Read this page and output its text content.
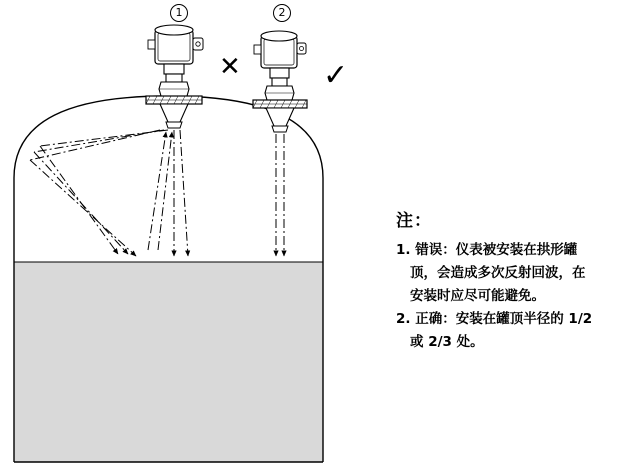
1	2
✕	✓
注：
1. 错误：仪表被安装在拱形罐
顶，会造成多次反射回波，在
安装时应尽可能避免。
2. 正确：安装在罐顶半径的 1/2
或 2/3 处。
